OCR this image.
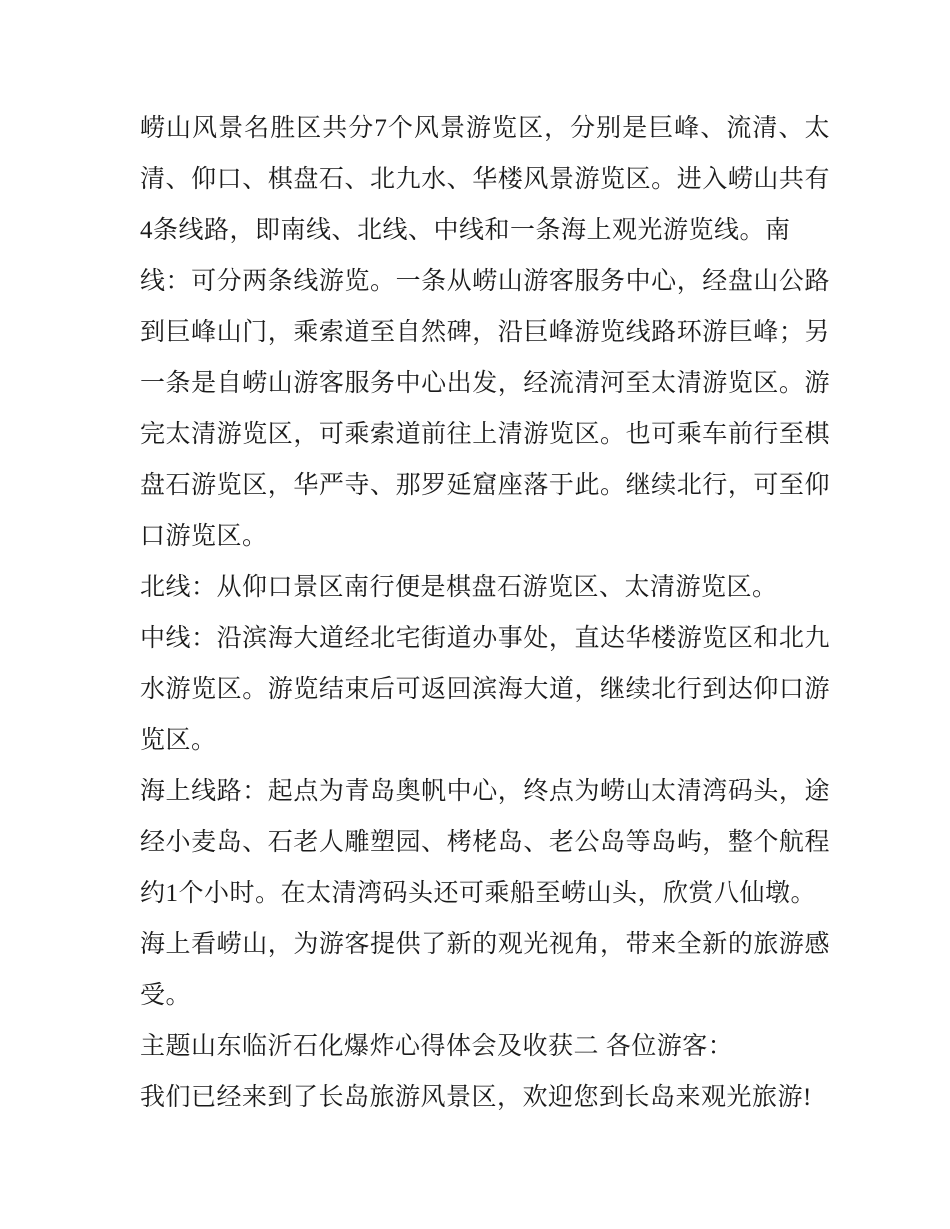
崂山风景名胜区共分7个风景游览区，分别是巨峰、流清、太
清、仰口、棋盘石、北九水、华楼风景游览区。进入崂山共有
4条线路，即南线、北线、中线和一条海上观光游览线。南
线：可分两条线游览。一条从崂山游客服务中心，经盘山公路
到巨峰山门，乘索道至自然碑，沿巨峰游览线路环游巨峰；另
一条是自崂山游客服务中心出发，经流清河至太清游览区。游
完太清游览区，可乘索道前往上清游览区。也可乘车前行至棋
盘石游览区，华严寺、那罗延窟座落于此。继续北行，可至仰
口游览区。
北线：从仰口景区南行便是棋盘石游览区、太清游览区。
中线：沿滨海大道经北宅街道办事处，直达华楼游览区和北九
水游览区。游览结束后可返回滨海大道，继续北行到达仰口游
览区。
海上线路：起点为青岛奥帆中心，终点为崂山太清湾码头，途
经小麦岛、石老人雕塑园、栲栳岛、老公岛等岛屿，整个航程
约1个小时。在太清湾码头还可乘船至崂山头，欣赏八仙墩。
海上看崂山，为游客提供了新的观光视角，带来全新的旅游感
受。
主题山东临沂石化爆炸心得体会及收获二 各位游客：
我们已经来到了长岛旅游风景区，欢迎您到长岛来观光旅游!
